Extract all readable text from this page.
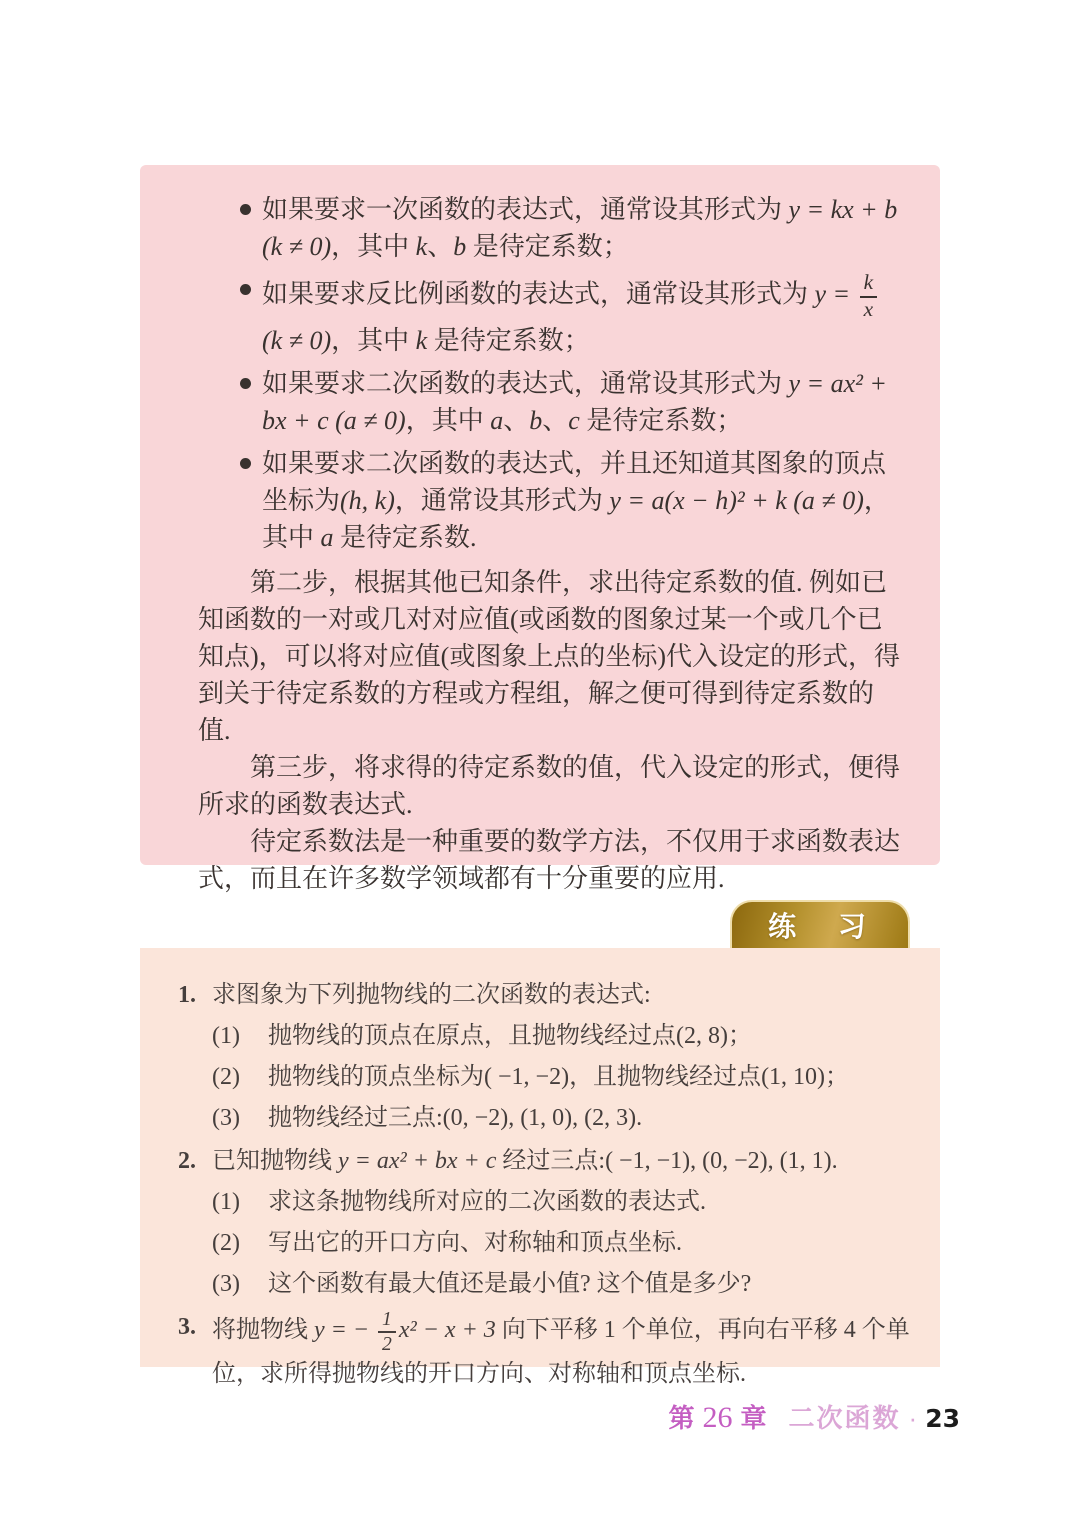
如果要求一次函数的表达式，通常设其形式为 y = kx + b (k ≠ 0)，其中 k、b 是待定系数；
如果要求反比例函数的表达式，通常设其形式为 $y = \frac{k}{x}$
(k ≠ 0)，其中 k 是待定系数；
如果要求二次函数的表达式，通常设其形式为 y = ax² + bx + c (a ≠ 0)，其中 a、b、c 是待定系数；
如果要求二次函数的表达式，并且还知道其图象的顶点坐标为(h, k)，通常设其形式为 y = a(x − h)² + k (a ≠ 0)，其中 a 是待定系数.

第二步，根据其他已知条件，求出待定系数的值. 例如已知函数的一对或几对对应值(或函数的图象过某一个或几个已知点)，可以将对应值(或图象上点的坐标)代入设定的形式，得到关于待定系数的方程或方程组，解之便可得到待定系数的值.

第三步，将求得的待定系数的值，代入设定的形式，便得所求的函数表达式.

待定系数法是一种重要的数学方法，不仅用于求函数表达式，而且在许多数学领域都有十分重要的应用.

练 习
1. 求图象为下列抛物线的二次函数的表达式:
(1)	抛物线的顶点在原点，且抛物线经过点(2, 8)；
(2)	抛物线的顶点坐标为( −1, −2)，且抛物线经过点(1, 10)；
(3)	抛物线经过三点:(0, −2), (1, 0), (2, 3).
2. 已知抛物线 y = ax² + bx + c 经过三点:( −1, −1), (0, −2), (1, 1).
(1)	求这条抛物线所对应的二次函数的表达式.
(2)	写出它的开口方向、对称轴和顶点坐标.
(3)	这个函数有最大值还是最小值? 这个值是多少?
3. 将抛物线 y = − $\frac{1}{2} x^2 - x + 3$ 向下平移 1 个单位，再向右平移 4 个单位，求所得抛物线的开口方向、对称轴和顶点坐标.
第 26 章 二次函数 · 23
